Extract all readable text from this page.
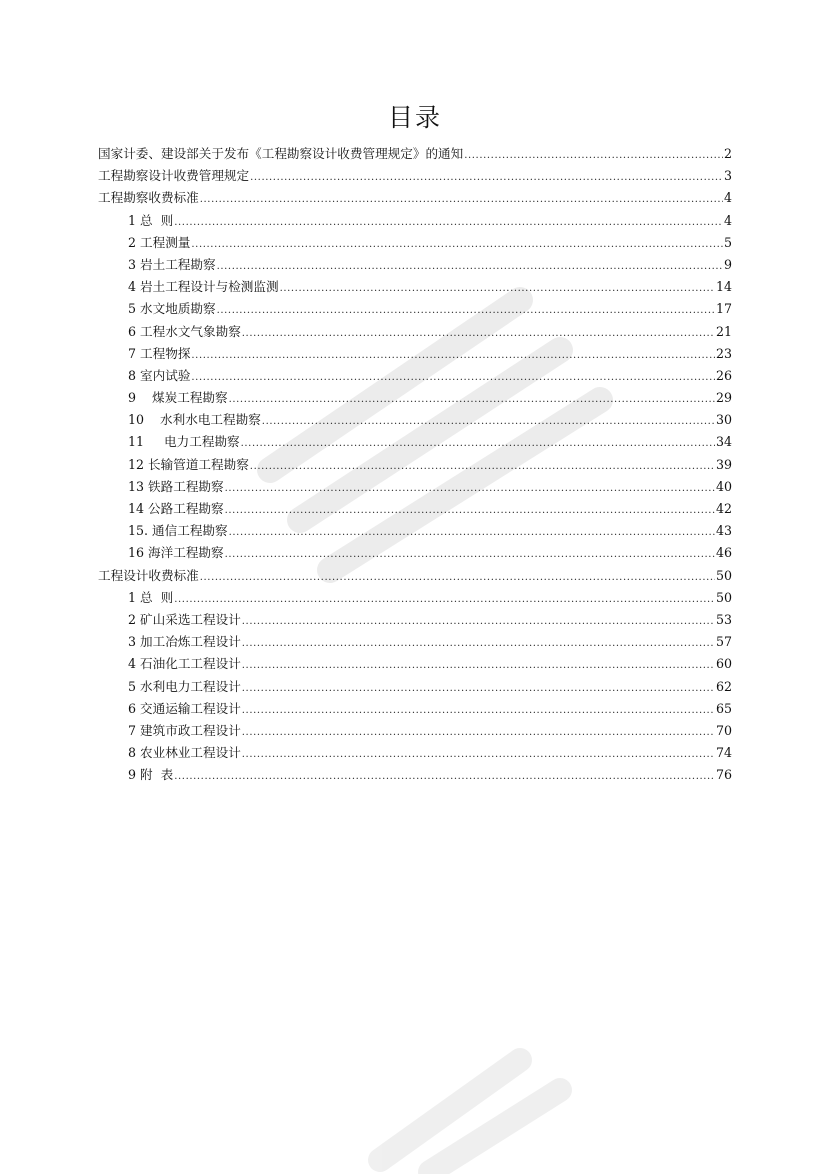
目录
国家计委、建设部关于发布《工程勘察设计收费管理规定》的通知 .....	2
工程勘察设计收费管理规定 .....	3
工程勘察收费标准 .....	4
1 总  则 .....	4
2 工程测量 .....	5
3 岩土工程勘察 .....	9
4 岩土工程设计与检测监测 .....	14
5 水文地质勘察 .....	17
6 工程水文气象勘察 .....	21
7 工程物探 .....	23
8 室内试验 .....	26
9 煤炭工程勘察 .....	29
10 水利水电工程勘察 .....	30
11 电力工程勘察 .....	34
12 长输管道工程勘察 .....	39
13 铁路工程勘察 .....	40
14 公路工程勘察 .....	42
15. 通信工程勘察 .....	43
16 海洋工程勘察 .....	46
工程设计收费标准 .....	50
1 总  则 .....	50
2 矿山采选工程设计 .....	53
3 加工冶炼工程设计 .....	57
4 石油化工工程设计 .....	60
5 水利电力工程设计 .....	62
6 交通运输工程设计 .....	65
7 建筑市政工程设计 .....	70
8 农业林业工程设计 .....	74
9 附  表 .....	76
